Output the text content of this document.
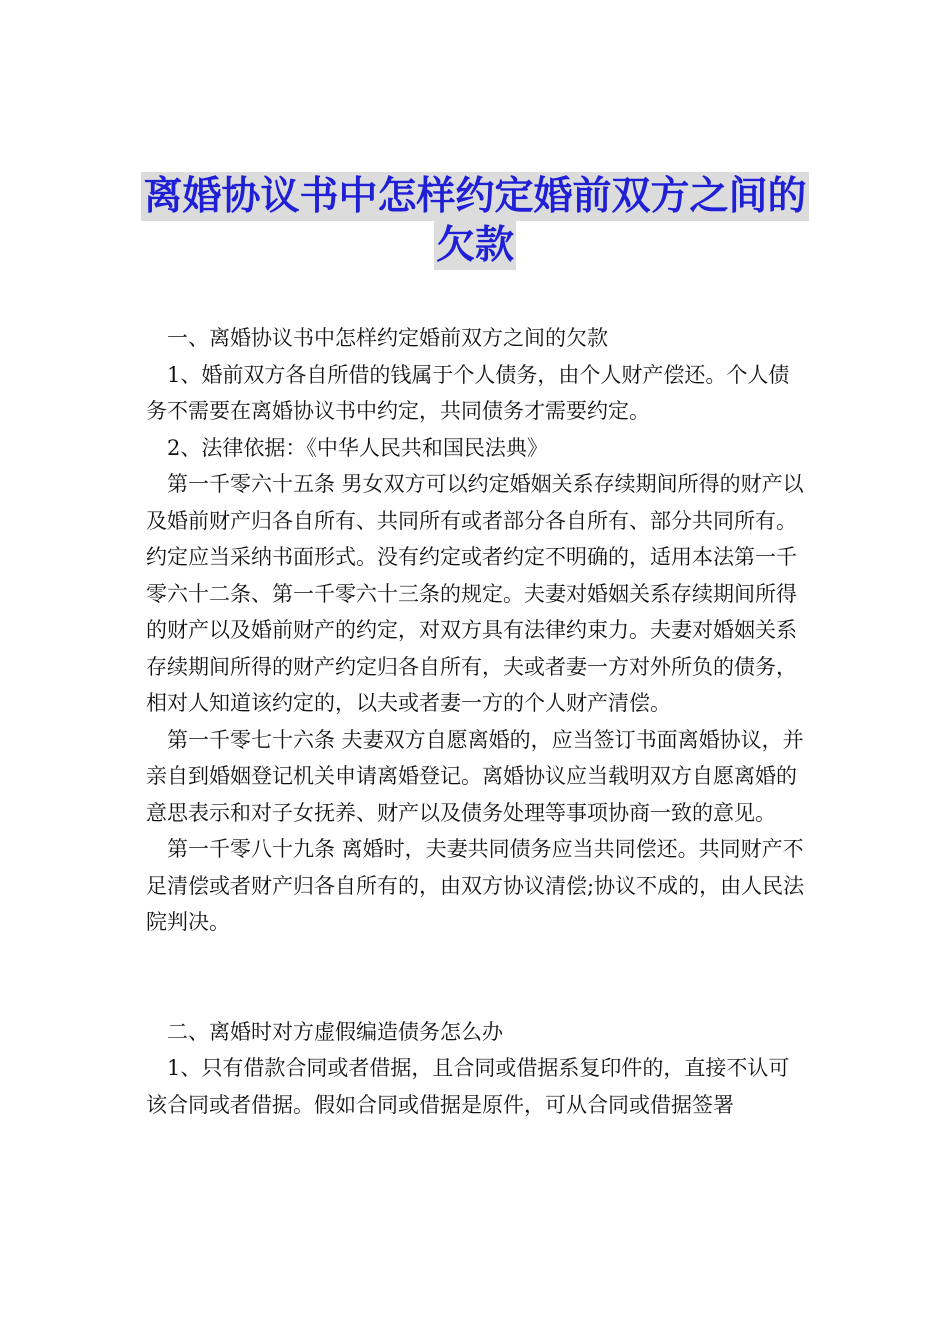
离婚协议书中怎样约定婚前双方之间的
欠款

一、离婚协议书中怎样约定婚前双方之间的欠款

1、婚前双方各自所借的钱属于个人债务，由个人财产偿还。个人债务不需要在离婚协议书中约定，共同债务才需要约定。

2、法律依据：《中华人民共和国民法典》

第一千零六十五条 男女双方可以约定婚姻关系存续期间所得的财产以及婚前财产归各自所有、共同所有或者部分各自所有、部分共同所有。约定应当采纳书面形式。没有约定或者约定不明确的，适用本法第一千零六十二条、第一千零六十三条的规定。夫妻对婚姻关系存续期间所得的财产以及婚前财产的约定，对双方具有法律约束力。夫妻对婚姻关系存续期间所得的财产约定归各自所有，夫或者妻一方对外所负的债务，相对人知道该约定的，以夫或者妻一方的个人财产清偿。

第一千零七十六条 夫妻双方自愿离婚的，应当签订书面离婚协议，并亲自到婚姻登记机关申请离婚登记。离婚协议应当载明双方自愿离婚的意思表示和对子女抚养、财产以及债务处理等事项协商一致的意见。

第一千零八十九条 离婚时，夫妻共同债务应当共同偿还。共同财产不足清偿或者财产归各自所有的，由双方协议清偿;协议不成的，由人民法院判决。

二、离婚时对方虚假编造债务怎么办

1、只有借款合同或者借据，且合同或借据系复印件的，直接不认可该合同或者借据。假如合同或借据是原件，可从合同或借据签署
